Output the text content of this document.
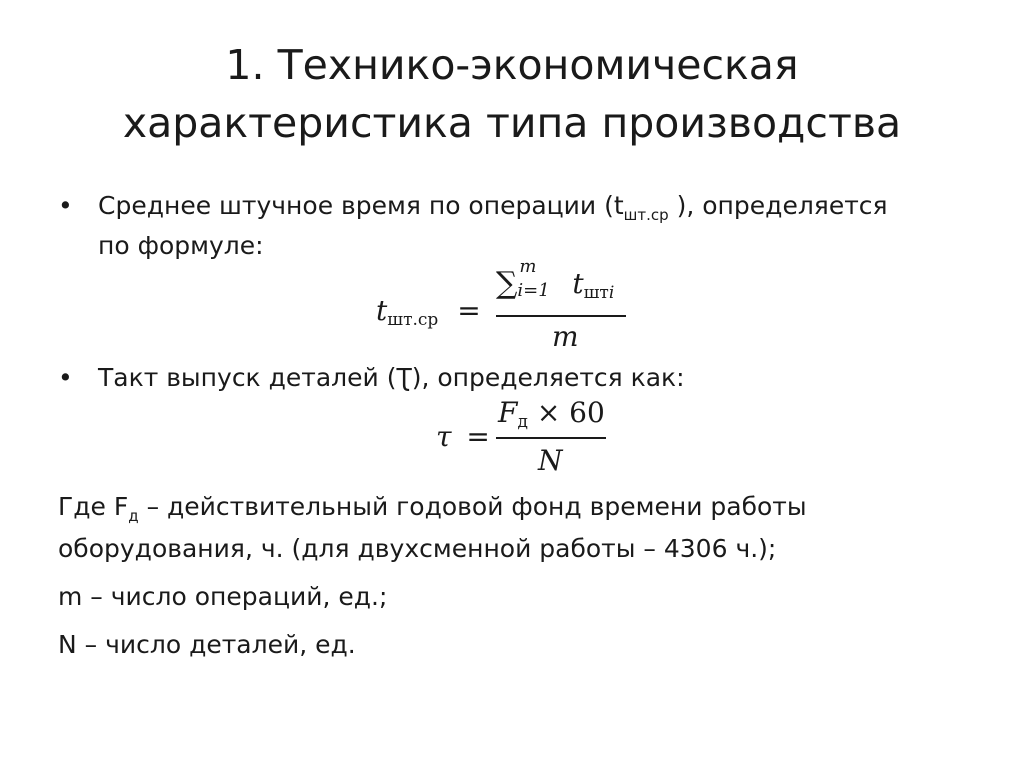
1. Технико-экономическая
характеристика типа производства
• Среднее штучное время по операции ($t_{шт.ср}$ ), определяется
по формуле:
tшт.ср =
∑ m
i=1 tштi
m
• Такт выпуск деталей (Ʈ), определяется как:
τ =
Fд × 60
N
Где $F_д$ – действительный годовой фонд времени работы
оборудования, ч. (для двухсменной работы – 4306 ч.);
m – число операций, ед.;
N – число деталей, ед.
